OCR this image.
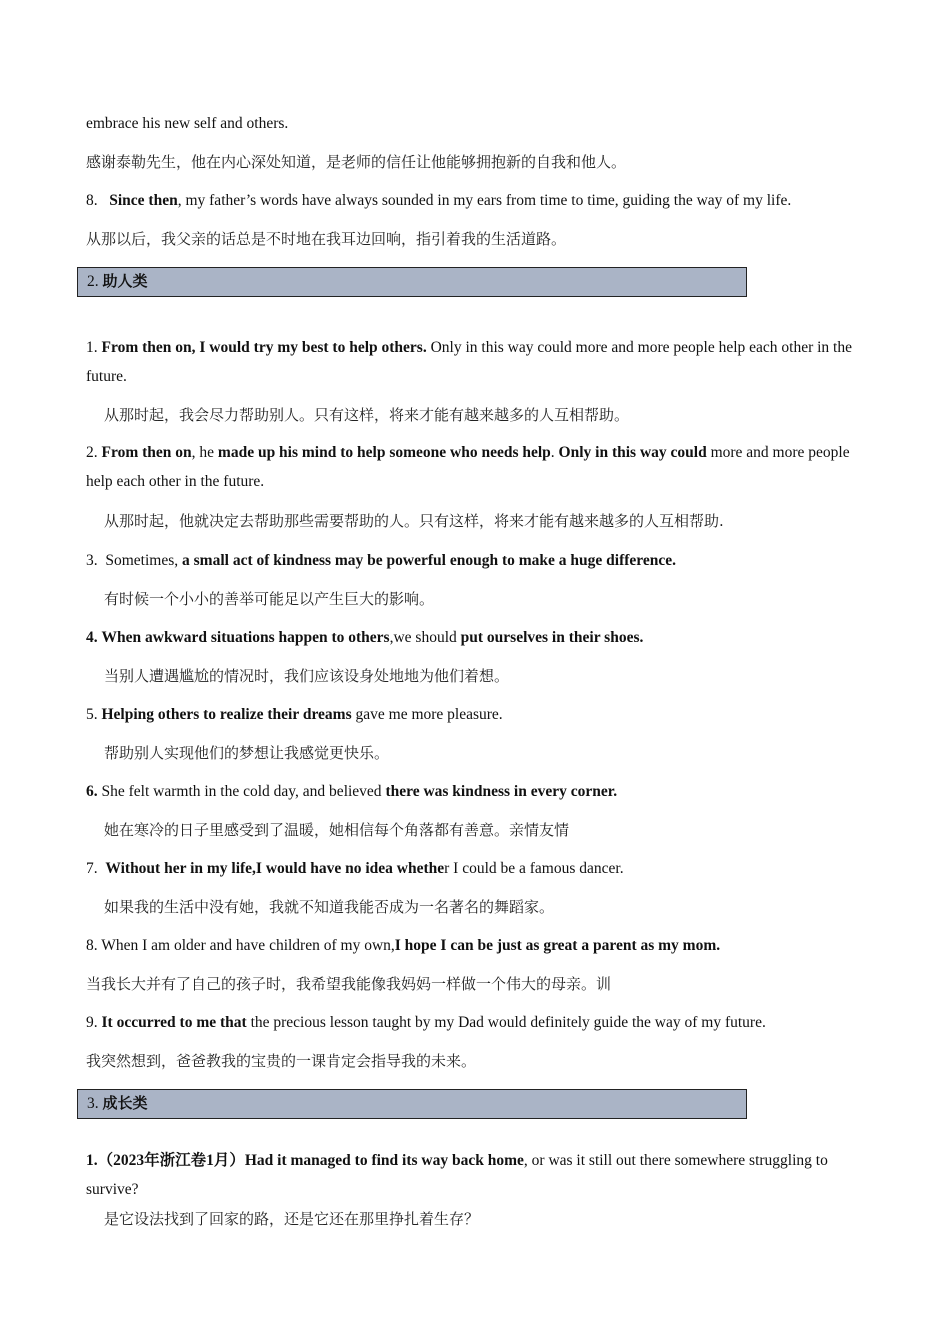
embrace his new self and others.
感谢泰勒先生，他在内心深处知道，是老师的信任让他能够拥抱新的自我和他人。
8. Since then, my father’s words have always sounded in my ears from time to time, guiding the way of my life.
从那以后，我父亲的话总是不时地在我耳边回响，指引着我的生活道路。
2. 助人类
1. From then on, I would try my best to help others. Only in this way could more and more people help each other in the future.
从那时起，我会尽力帮助别人。只有这样，将来才能有越来越多的人互相帮助。
2. From then on, he made up his mind to help someone who needs help. Only in this way could more and more people help each other in the future.
从那时起，他就决定去帮助那些需要帮助的人。只有这样，将来才能有越来越多的人互相帮助.
3. Sometimes, a small act of kindness may be powerful enough to make a huge difference.
有时候一个小小的善举可能足以产生巨大的影响。
4. When awkward situations happen to others,we should put ourselves in their shoes.
当别人遭遇尴尬的情况时，我们应该设身处地地为他们着想。
5. Helping others to realize their dreams gave me more pleasure.
帮助别人实现他们的梦想让我感觉更快乐。
6. She felt warmth in the cold day, and believed there was kindness in every corner.
她在寒冷的日子里感受到了温暖，她相信每个角落都有善意。亲情友情
7. Without her in my life,I would have no idea whether I could be a famous dancer.
如果我的生活中没有她，我就不知道我能否成为一名著名的舞蹈家。
8. When I am older and have children of my own,I hope I can be just as great a parent as my mom.
当我长大并有了自己的孩子时，我希望我能像我妈妈一样做一个伟大的母亲。训
9. It occurred to me that the precious lesson taught by my Dad would definitely guide the way of my future.
我突然想到，爸爸教我的宝贵的一课肯定会指导我的未来。
3. 成长类
1.（2023年浙江卷1月）Had it managed to find its way back home, or was it still out there somewhere struggling to survive?
是它设法找到了回家的路，还是它还在那里挣扎着生存？
